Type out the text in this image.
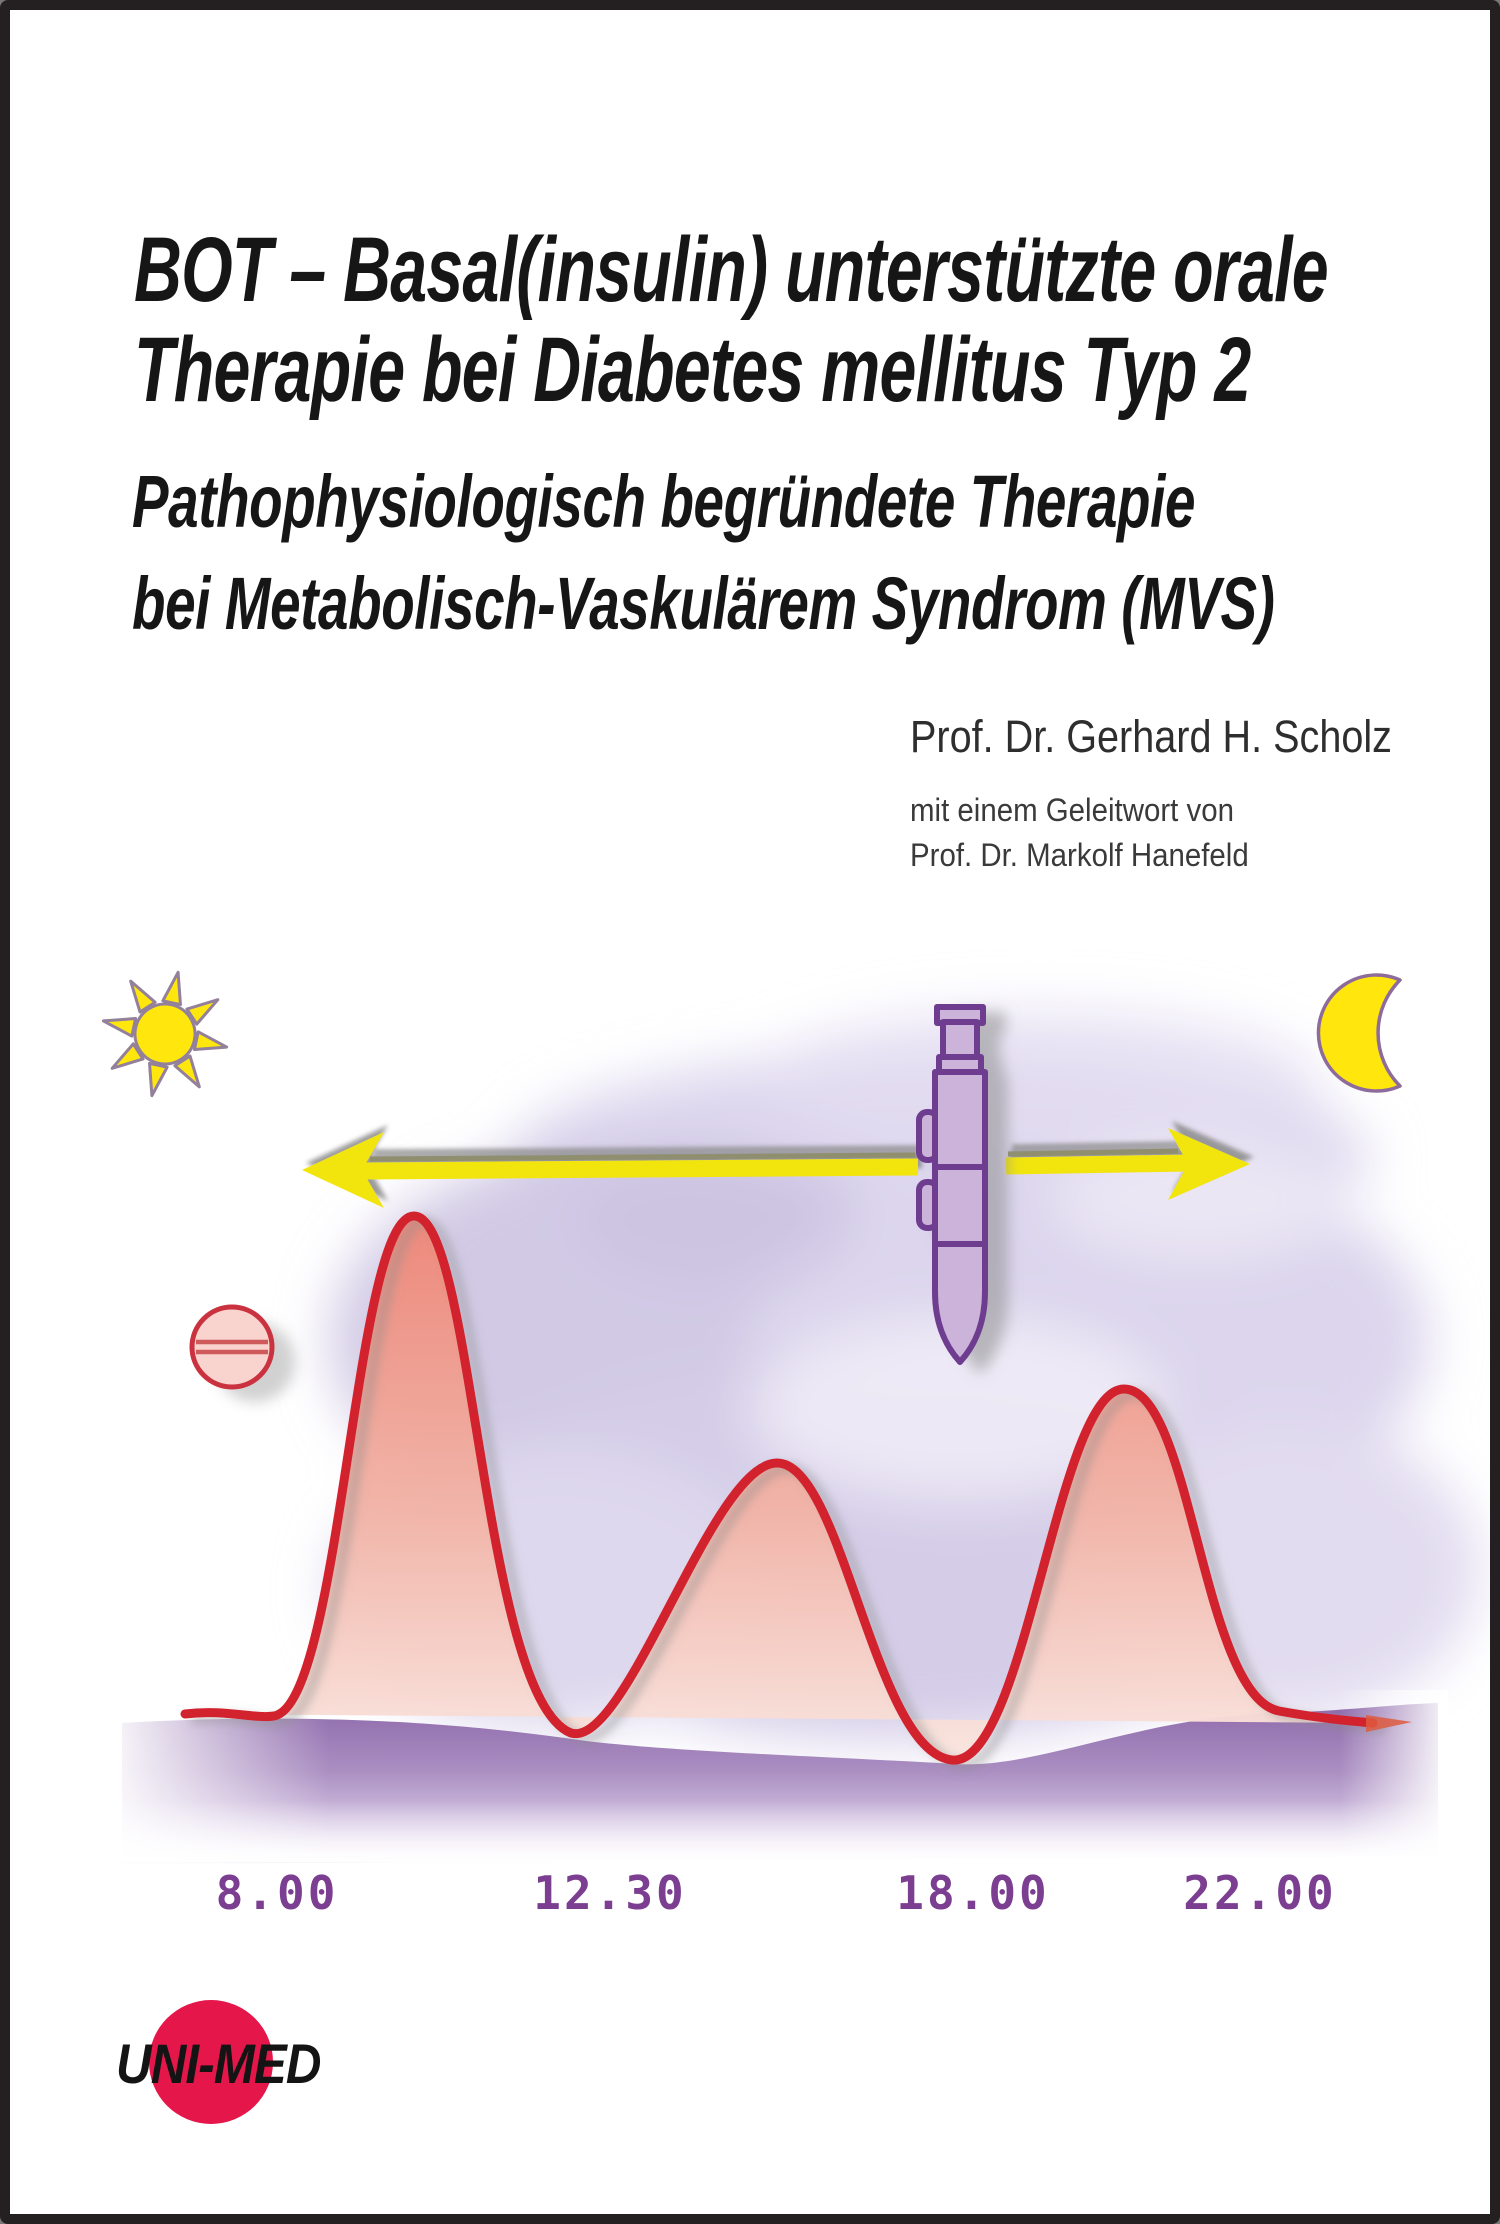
BOT – Basal(insulin) unterstützte orale
Therapie bei Diabetes mellitus Typ 2
Pathophysiologisch begründete Therapie
bei Metabolisch-Vaskulärem Syndrom (MVS)
Prof. Dr. Gerhard H. Scholz
mit einem Geleitwort von
Prof. Dr. Markolf Hanefeld
8.00	12.30	18.00	22.00
UNI-MED
